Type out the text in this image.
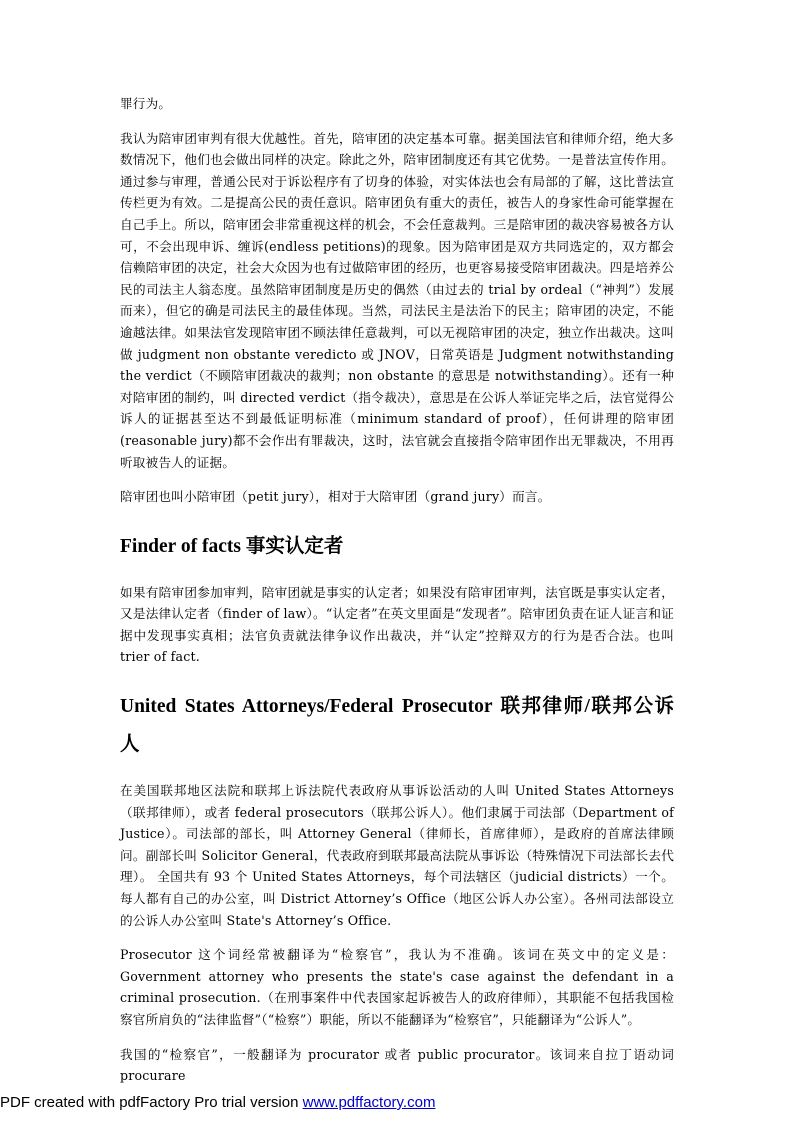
罪行为。

我认为陪审团审判有很大优越性。首先，陪审团的决定基本可靠。据美国法官和律师介绍，绝大多数情况下，他们也会做出同样的决定。除此之外，陪审团制度还有其它优势。一是普法宣传作用。通过参与审理，普通公民对于诉讼程序有了切身的体验，对实体法也会有局部的了解，这比普法宣传栏更为有效。二是提高公民的责任意识。陪审团负有重大的责任，被告人的身家性命可能掌握在自己手上。所以，陪审团会非常重视这样的机会，不会任意裁判。三是陪审团的裁决容易被各方认可，不会出现申诉、缠诉(endless petitions)的现象。因为陪审团是双方共同选定的，双方都会信赖陪审团的决定，社会大众因为也有过做陪审团的经历，也更容易接受陪审团裁决。四是培养公民的司法主人翁态度。虽然陪审团制度是历史的偶然（由过去的 trial by ordeal（“神判”）发展而来），但它的确是司法民主的最佳体现。当然，司法民主是法治下的民主；陪审团的决定，不能逾越法律。如果法官发现陪审团不顾法律任意裁判，可以无视陪审团的决定，独立作出裁决。这叫做 judgment non obstante veredicto 或 JNOV，日常英语是 Judgment notwithstanding the verdict（不顾陪审团裁决的裁判；non obstante 的意思是 notwithstanding）。还有一种对陪审团的制约，叫 directed verdict（指令裁决），意思是在公诉人举证完毕之后，法官觉得公诉人的证据甚至达不到最低证明标准（minimum standard of proof），任何讲理的陪审团(reasonable jury)都不会作出有罪裁决，这时，法官就会直接指令陪审团作出无罪裁决，不用再听取被告人的证据。

陪审团也叫小陪审团（petit jury），相对于大陪审团（grand jury）而言。

Finder of facts 事实认定者

如果有陪审团参加审判，陪审团就是事实的认定者；如果没有陪审团审判，法官既是事实认定者，又是法律认定者（finder of law）。“认定者”在英文里面是“发现者”。陪审团负责在证人证言和证据中发现事实真相；法官负责就法律争议作出裁决，并“认定”控辩双方的行为是否合法。也叫 trier of fact.

United States Attorneys/Federal Prosecutor 联邦律师/联邦公诉人

在美国联邦地区法院和联邦上诉法院代表政府从事诉讼活动的人叫 United States Attorneys（联邦律师），或者 federal prosecutors（联邦公诉人）。他们隶属于司法部（Department of Justice）。司法部的部长，叫 Attorney General（律师长，首席律师），是政府的首席法律顾问。副部长叫 Solicitor General，代表政府到联邦最高法院从事诉讼（特殊情况下司法部长去代理）。 全国共有 93 个 United States Attorneys，每个司法辖区（judicial districts）一个。每人都有自己的办公室，叫 District Attorney’s Office（地区公诉人办公室）。各州司法部设立的公诉人办公室叫 State's Attorney’s Office.

Prosecutor 这个词经常被翻译为“检察官”，我认为不准确。该词在英文中的定义是：Government attorney who presents the state's case against the defendant in a criminal prosecution.（在刑事案件中代表国家起诉被告人的政府律师），其职能不包括我国检察官所肩负的“法律监督”（“检察”）职能，所以不能翻译为“检察官”，只能翻译为“公诉人”。

我国的“检察官”，一般翻译为 procurator 或者 public procurator。该词来自拉丁语动词 procurare

PDF created with pdfFactory Pro trial version www.pdffactory.com
